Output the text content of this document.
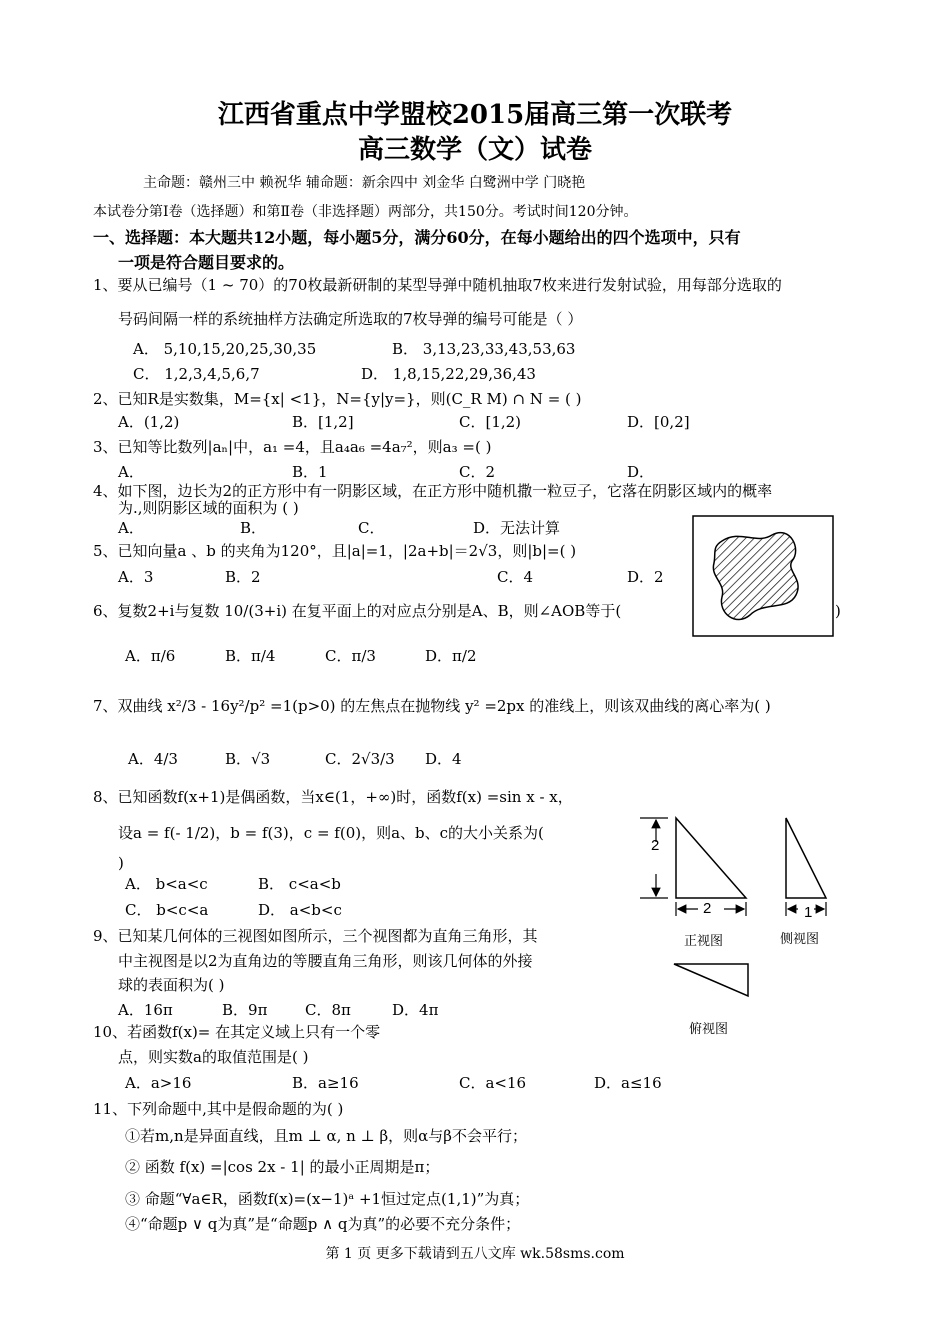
江西省重点中学盟校2015届高三第一次联考
高三数学（文）试卷
主命题：赣州三中 赖祝华 辅命题：新余四中 刘金华 白鹭洲中学 门晓艳
本试卷分第Ⅰ卷（选择题）和第Ⅱ卷（非选择题）两部分，共150分。考试时间120分钟。
一、选择题：本大题共12小题，每小题5分，满分60分，在每小题给出的四个选项中，只有
一项是符合题目要求的。
1、要从已编号（1 ~ 70）的70枚最新研制的某型导弹中随机抽取7枚来进行发射试验，用每部分选取的
号码间隔一样的系统抽样方法确定所选取的7枚导弹的编号可能是（ ）
A． 5,10,15,20,25,30,35	B． 3,13,23,33,43,53,63
C． 1,2,3,4,5,6,7	D． 1,8,15,22,29,36,43
2、已知R是实数集，M={x| <1}，N={y|y=}，则(C_R M) ∩ N = ( )
A．(1,2)	B．[1,2]	C．[1,2)	D．[0,2]
3、已知等比数列|aₙ|中，a₁ =4，且a₄a₆ =4a₇²，则a₃ =( )
A．	B．1	C．2	D．
4、如下图，边长为2的正方形中有一阴影区域，在正方形中随机撒一粒豆子，它落在阴影区域内的概率
为.,则阴影区域的面积为 ( )
A．	B．	C．	D．无法计算
5、已知向量a 、b 的夹角为120°，且|a|=1，|2a+b|＝2√3，则|b|=( )
A．3	B．2	C．4	D．2
6、复数2+i与复数 10/(3+i) 在复平面上的对应点分别是A、B，则∠AOB等于(	)
A．π/6	B．π/4	C．π/3	D．π/2
7、双曲线 x²/3 - 16y²/p² =1(p>0) 的左焦点在抛物线 y² =2px 的准线上，则该双曲线的离心率为( )
A．4/3	B．√3	C．2√3/3 D．4
8、已知函数f(x+1)是偶函数，当x∈(1，+∞)时，函数f(x) =sin x - x，
设a = f(- 1/2)，b = f(3)，c = f(0)，则a、b、c的大小关系为(
)
A． b<a<c	B． c<a<b
C． b<c<a	D． a<b<c
2
2	1
正视图	侧视图
俯视图
9、已知某几何体的三视图如图所示，三个视图都为直角三角形，其
中主视图是以2为直角边的等腰直角三角形，则该几何体的外接
球的表面积为( )
A．16π	B．9π	C．8π	D．4π
10、若函数f(x)= 在其定义域上只有一个零
点，则实数a的取值范围是( )
A．a>16	B．a≥16	C．a<16	D．a≤16
11、下列命题中,其中是假命题的为( )
①若m,n是异面直线，且m ⊥ α, n ⊥ β，则α与β不会平行；
② 函数 f(x) =|cos 2x - 1| 的最小正周期是π；
③ 命题“∀a∈R，函数f(x)=(x−1)ᵃ +1恒过定点(1,1)”为真；
④“命题p ∨ q为真”是“命题p ∧ q为真”的必要不充分条件；
第 1 页 更多下载请到五八文库 wk.58sms.com
